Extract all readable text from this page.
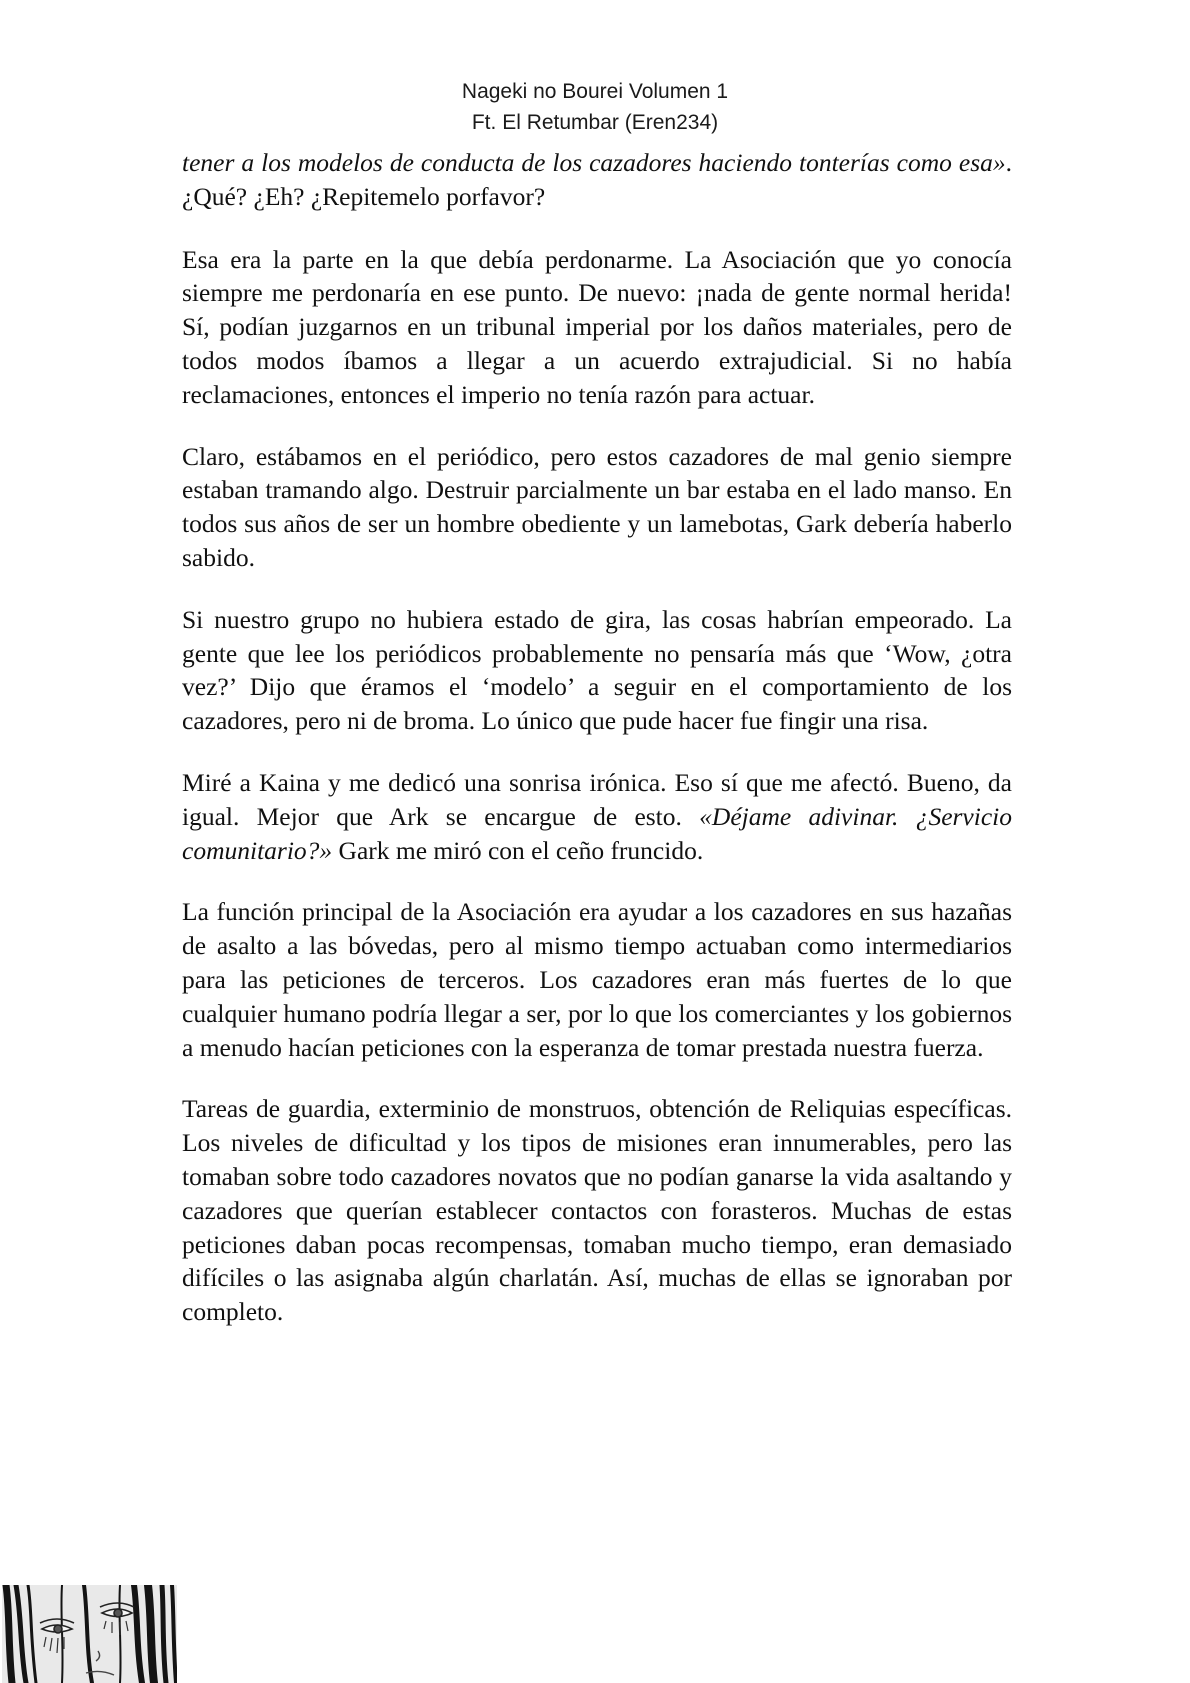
Nageki no Bourei Volumen 1
Ft. El Retumbar (Eren234)

tener a los modelos de conducta de los cazadores haciendo tonterías como esa». ¿Qué? ¿Eh? ¿Repitemelo porfavor?

Esa era la parte en la que debía perdonarme. La Asociación que yo conocía siempre me perdonaría en ese punto. De nuevo: ¡nada de gente normal herida! Sí, podían juzgarnos en un tribunal imperial por los daños materiales, pero de todos modos íbamos a llegar a un acuerdo extrajudicial. Si no había reclamaciones, entonces el imperio no tenía razón para actuar.

Claro, estábamos en el periódico, pero estos cazadores de mal genio siempre estaban tramando algo. Destruir parcialmente un bar estaba en el lado manso. En todos sus años de ser un hombre obediente y un lamebotas, Gark debería haberlo sabido.

Si nuestro grupo no hubiera estado de gira, las cosas habrían empeorado. La gente que lee los periódicos probablemente no pensaría más que ‘Wow, ¿otra vez?’ Dijo que éramos el ‘modelo’ a seguir en el comportamiento de los cazadores, pero ni de broma. Lo único que pude hacer fue fingir una risa.

Miré a Kaina y me dedicó una sonrisa irónica. Eso sí que me afectó. Bueno, da igual. Mejor que Ark se encargue de esto. «Déjame adivinar. ¿Servicio comunitario?» Gark me miró con el ceño fruncido.

La función principal de la Asociación era ayudar a los cazadores en sus hazañas de asalto a las bóvedas, pero al mismo tiempo actuaban como intermediarios para las peticiones de terceros. Los cazadores eran más fuertes de lo que cualquier humano podría llegar a ser, por lo que los comerciantes y los gobiernos a menudo hacían peticiones con la esperanza de tomar prestada nuestra fuerza.

Tareas de guardia, exterminio de monstruos, obtención de Reliquias específicas. Los niveles de dificultad y los tipos de misiones eran innumerables, pero las tomaban sobre todo cazadores novatos que no podían ganarse la vida asaltando y cazadores que querían establecer contactos con forasteros. Muchas de estas peticiones daban pocas recompensas, tomaban mucho tiempo, eran demasiado difíciles o las asignaba algún charlatán. Así, muchas de ellas se ignoraban por completo.
